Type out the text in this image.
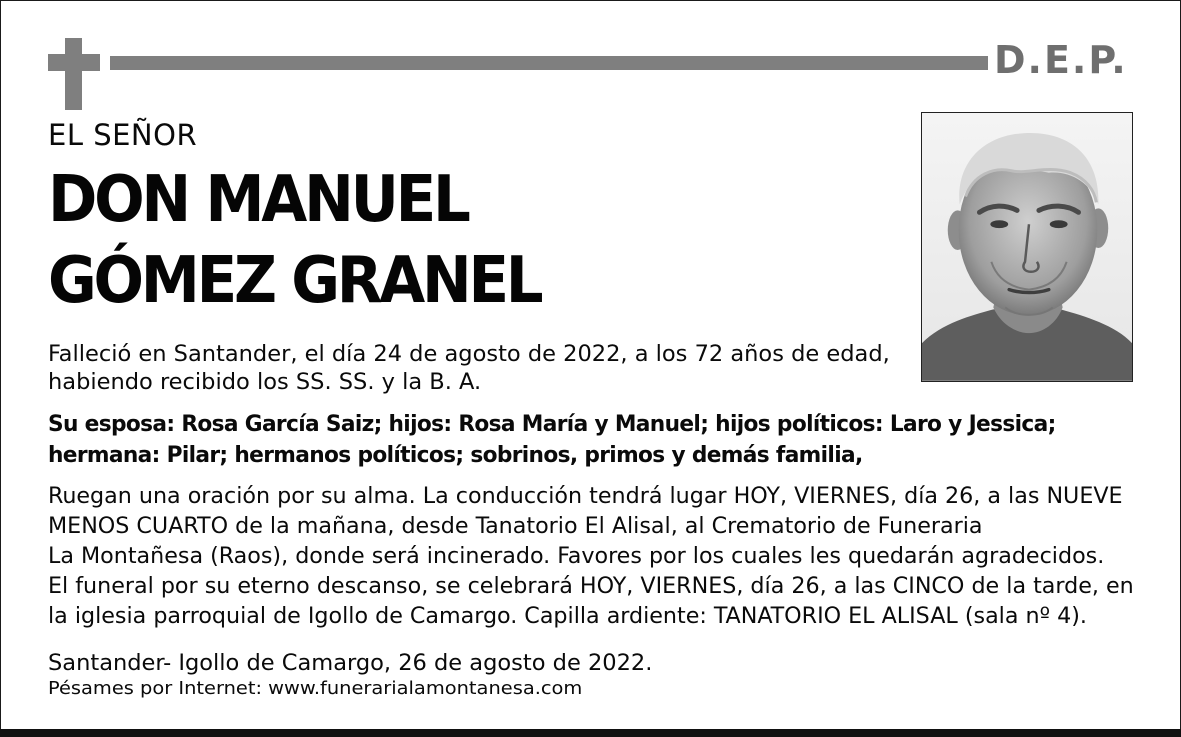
D.E.P.
EL SEÑOR
DON MANUEL
GÓMEZ GRANEL
Falleció en Santander, el día 24 de agosto de 2022, a los 72 años de edad,
habiendo recibido los SS. SS. y la B. A.
Su esposa: Rosa García Saiz; hijos: Rosa María y Manuel; hijos políticos: Laro y Jessica;
hermana: Pilar; hermanos políticos; sobrinos, primos y demás familia,
Ruegan una oración por su alma. La conducción tendrá lugar HOY, VIERNES, día 26, a las NUEVE
MENOS CUARTO de la mañana, desde Tanatorio El Alisal, al Crematorio de Funeraria
La Montañesa (Raos), donde será incinerado. Favores por los cuales les quedarán agradecidos.
El funeral por su eterno descanso, se celebrará HOY, VIERNES, día 26, a las CINCO de la tarde, en
la iglesia parroquial de Igollo de Camargo. Capilla ardiente: TANATORIO EL ALISAL (sala nº 4).
Santander- Igollo de Camargo, 26 de agosto de 2022.
Pésames por Internet: www.funerarialamontanesa.com
